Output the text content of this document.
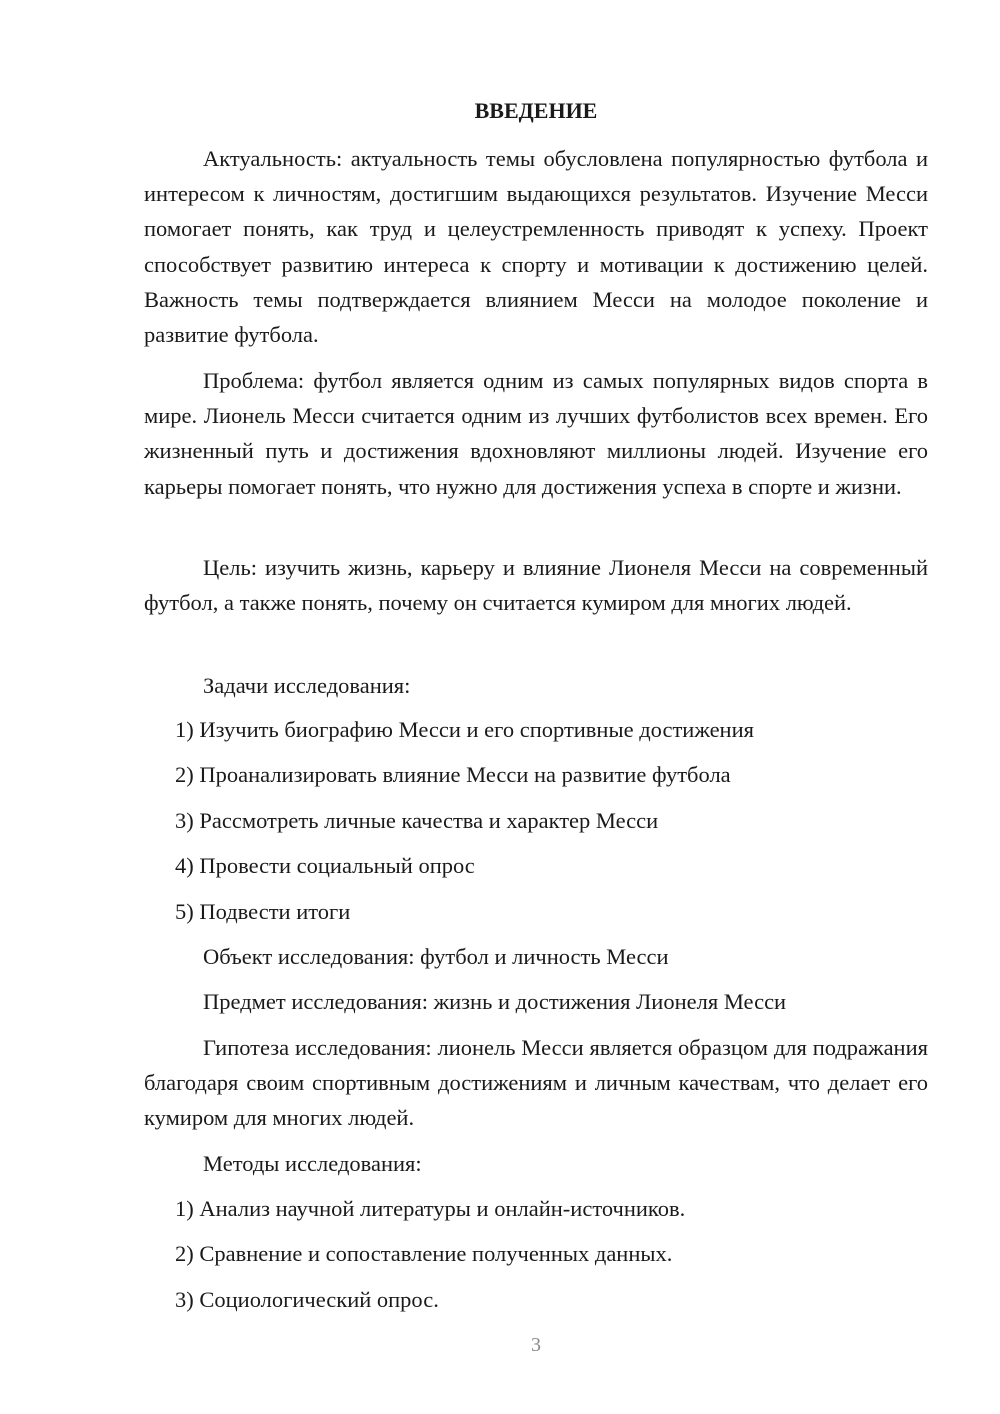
ВВЕДЕНИЕ

Актуальность: актуальность темы обусловлена популярностью футбола и интересом к личностям, достигшим выдающихся результатов. Изучение Месси помогает понять, как труд и целеустремленность приводят к успеху. Проект способствует развитию интереса к спорту и мотивации к достижению целей. Важность темы подтверждается влиянием Месси на молодое поколение и развитие футбола.

Проблема: футбол является одним из самых популярных видов спорта в мире. Лионель Месси считается одним из лучших футболистов всех времен. Его жизненный путь и достижения вдохновляют миллионы людей. Изучение его карьеры помогает понять, что нужно для достижения успеха в спорте и жизни.

Цель: изучить жизнь, карьеру и влияние Лионеля Месси на современный футбол, а также понять, почему он считается кумиром для многих людей.

Задачи исследования:
1) Изучить биографию Месси и его спортивные достижения
2) Проанализировать влияние Месси на развитие футбола
3) Рассмотреть личные качества и характер Месси
4) Провести социальный опрос
5) Подвести итоги
Объект исследования: футбол и личность Месси
Предмет исследования: жизнь и достижения Лионеля Месси

Гипотеза исследования: лионель Месси является образцом для подражания благодаря своим спортивным достижениям и личным качествам, что делает его кумиром для многих людей.

Методы исследования:
1) Анализ научной литературы и онлайн-источников.
2) Сравнение и сопоставление полученных данных.
3) Социологический опрос.
3
